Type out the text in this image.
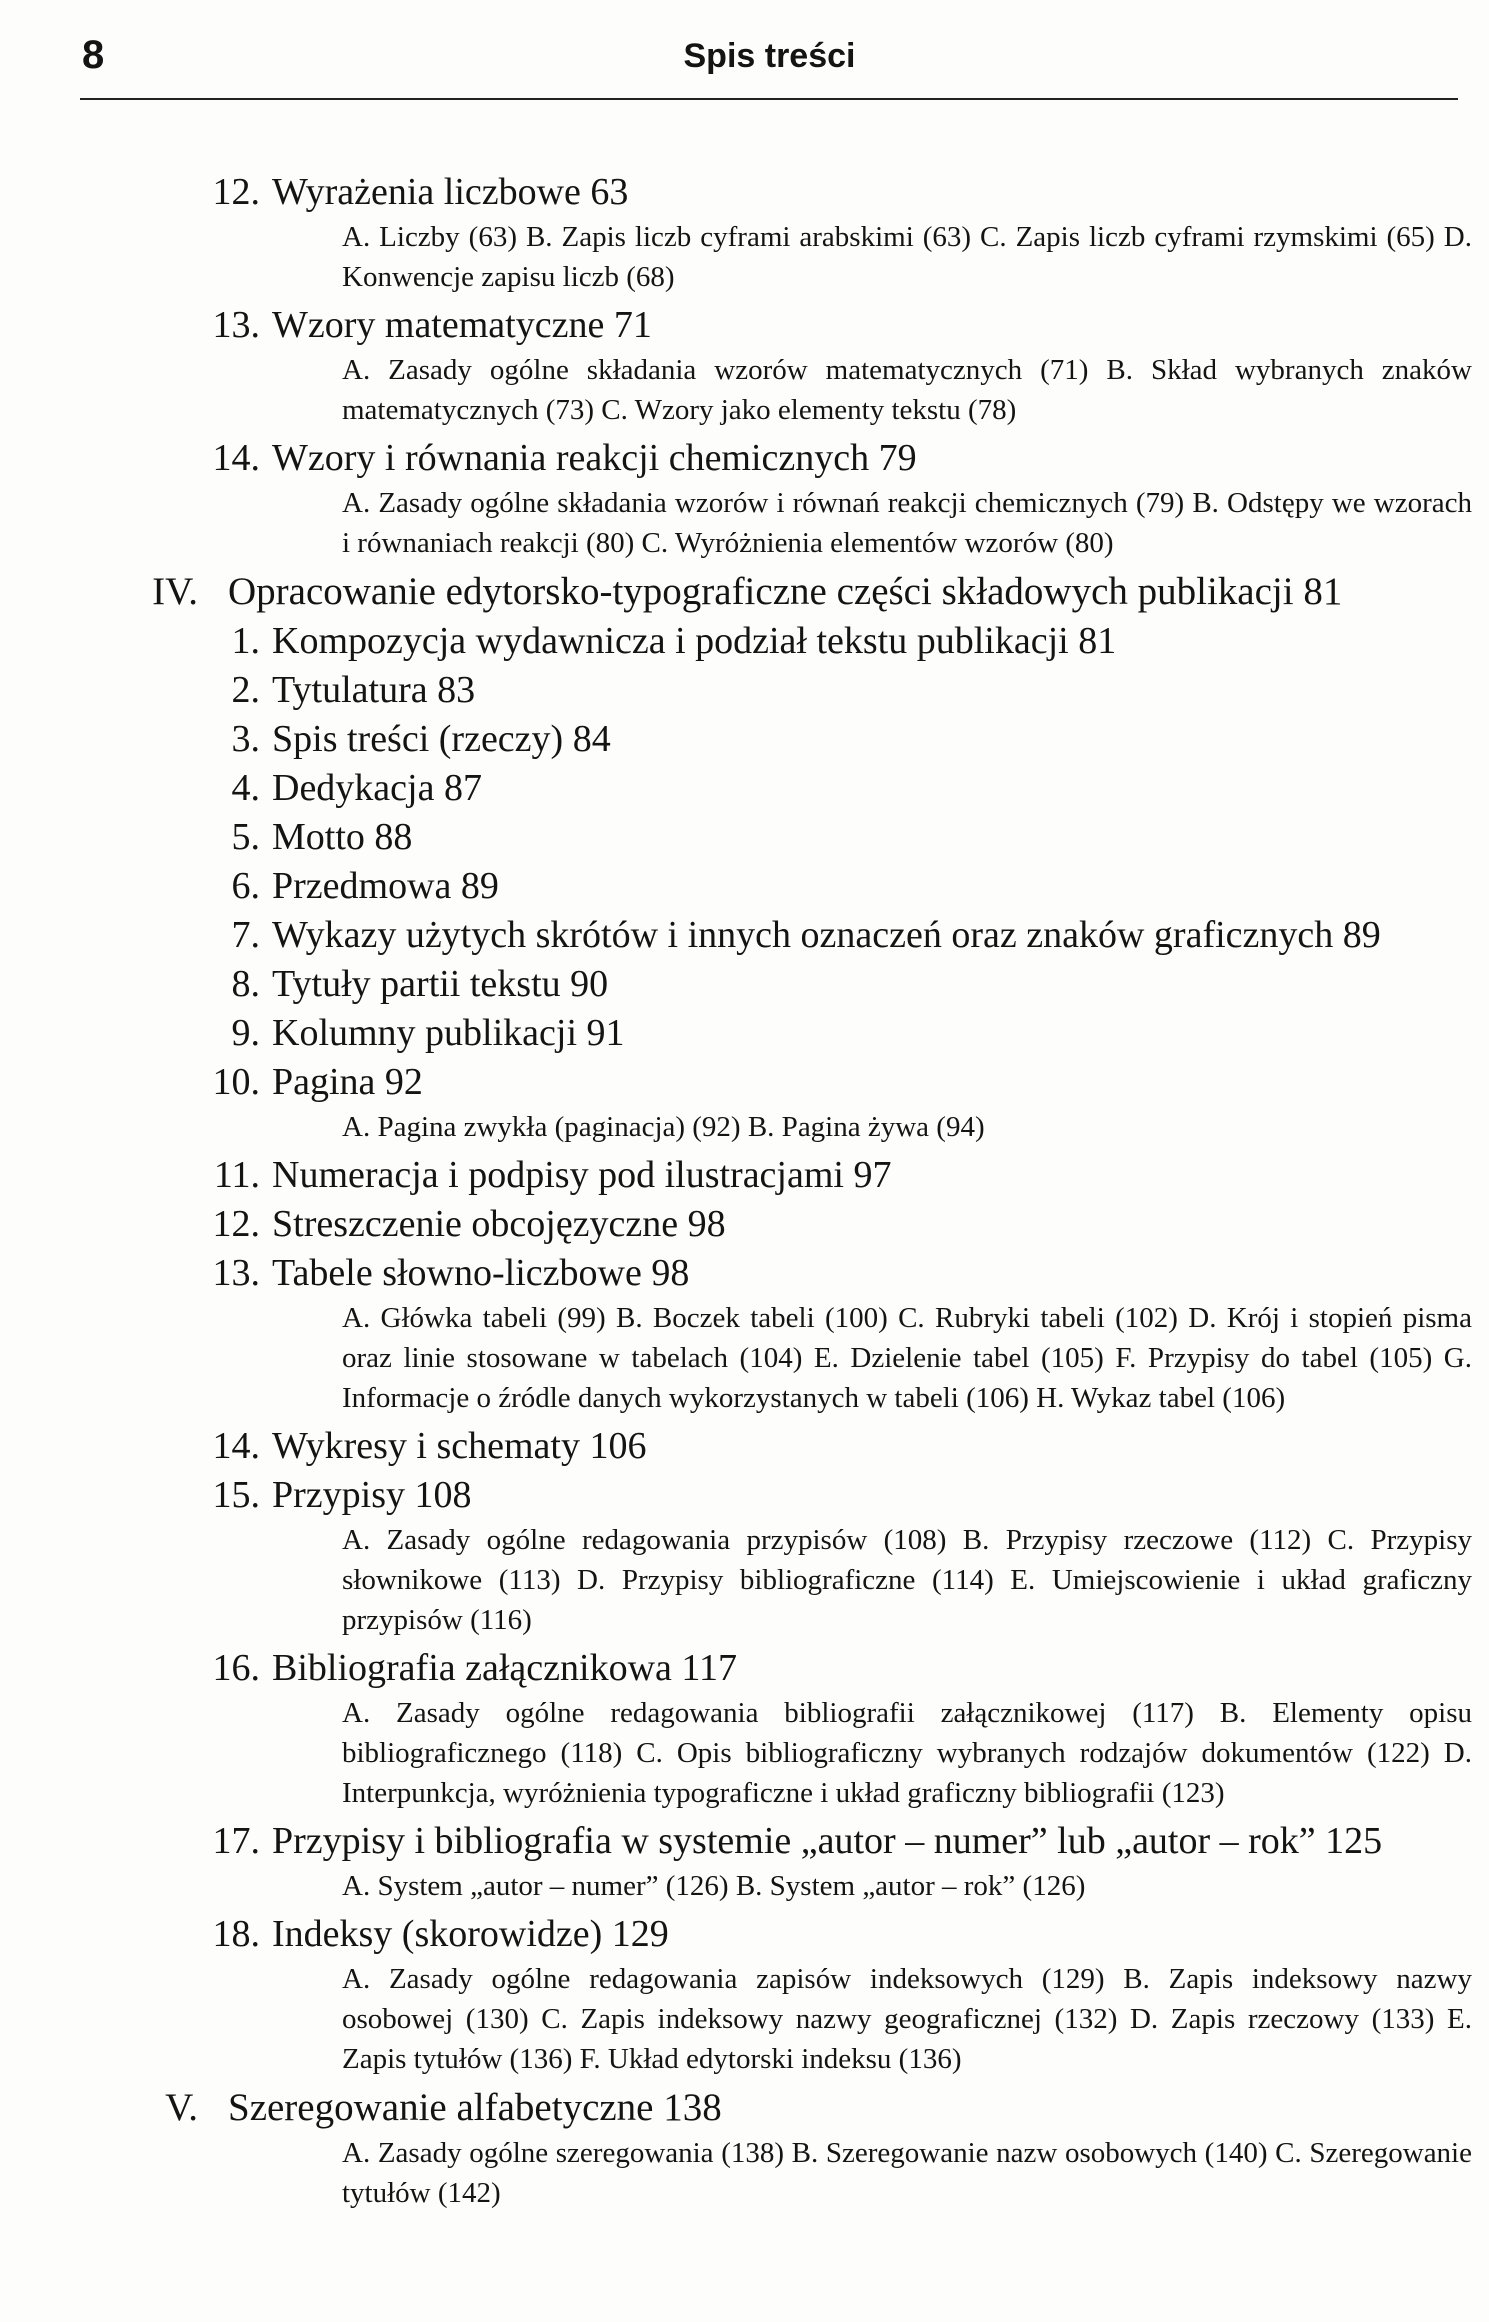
8	Spis treści
12. Wyrażenia liczbowe 63
A. Liczby (63) B. Zapis liczb cyframi arabskimi (63) C. Zapis liczb cyframi rzymskimi (65) D. Konwencje zapisu liczb (68)
13. Wzory matematyczne 71
A. Zasady ogólne składania wzorów matematycznych (71) B. Skład wybranych znaków matematycznych (73) C. Wzory jako elementy tekstu (78)
14. Wzory i równania reakcji chemicznych 79
A. Zasady ogólne składania wzorów i równań reakcji chemicznych (79) B. Odstępy we wzorach i równaniach reakcji (80) C. Wyróżnienia elementów wzorów (80)
IV. Opracowanie edytorsko-typograficzne części składowych publikacji 81
1. Kompozycja wydawnicza i podział tekstu publikacji 81
2. Tytulatura 83
3. Spis treści (rzeczy) 84
4. Dedykacja 87
5. Motto 88
6. Przedmowa 89
7. Wykazy użytych skrótów i innych oznaczeń oraz znaków graficznych 89
8. Tytuły partii tekstu 90
9. Kolumny publikacji 91
10. Pagina 92
A. Pagina zwykła (paginacja) (92) B. Pagina żywa (94)
11. Numeracja i podpisy pod ilustracjami 97
12. Streszczenie obcojęzyczne 98
13. Tabele słowno-liczbowe 98
A. Główka tabeli (99) B. Boczek tabeli (100) C. Rubryki tabeli (102) D. Krój i stopień pisma oraz linie stosowane w tabelach (104) E. Dzielenie tabel (105) F. Przypisy do tabel (105) G. Informacje o źródle danych wykorzystanych w tabeli (106) H. Wykaz tabel (106)
14. Wykresy i schematy 106
15. Przypisy 108
A. Zasady ogólne redagowania przypisów (108) B. Przypisy rzeczowe (112) C. Przypisy słownikowe (113) D. Przypisy bibliograficzne (114) E. Umiejscowienie i układ graficzny przypisów (116)
16. Bibliografia załącznikowa 117
A. Zasady ogólne redagowania bibliografii załącznikowej (117) B. Elementy opisu bibliograficznego (118) C. Opis bibliograficzny wybranych rodzajów dokumentów (122) D. Interpunkcja, wyróżnienia typograficzne i układ graficzny bibliografii (123)
17. Przypisy i bibliografia w systemie „autor – numer” lub „autor – rok” 125
A. System „autor – numer” (126) B. System „autor – rok” (126)
18. Indeksy (skorowidze) 129
A. Zasady ogólne redagowania zapisów indeksowych (129) B. Zapis indeksowy nazwy osobowej (130) C. Zapis indeksowy nazwy geograficznej (132) D. Zapis rzeczowy (133) E. Zapis tytułów (136) F. Układ edytorski indeksu (136)
V. Szeregowanie alfabetyczne 138
A. Zasady ogólne szeregowania (138) B. Szeregowanie nazw osobowych (140) C. Szeregowanie tytułów (142)
